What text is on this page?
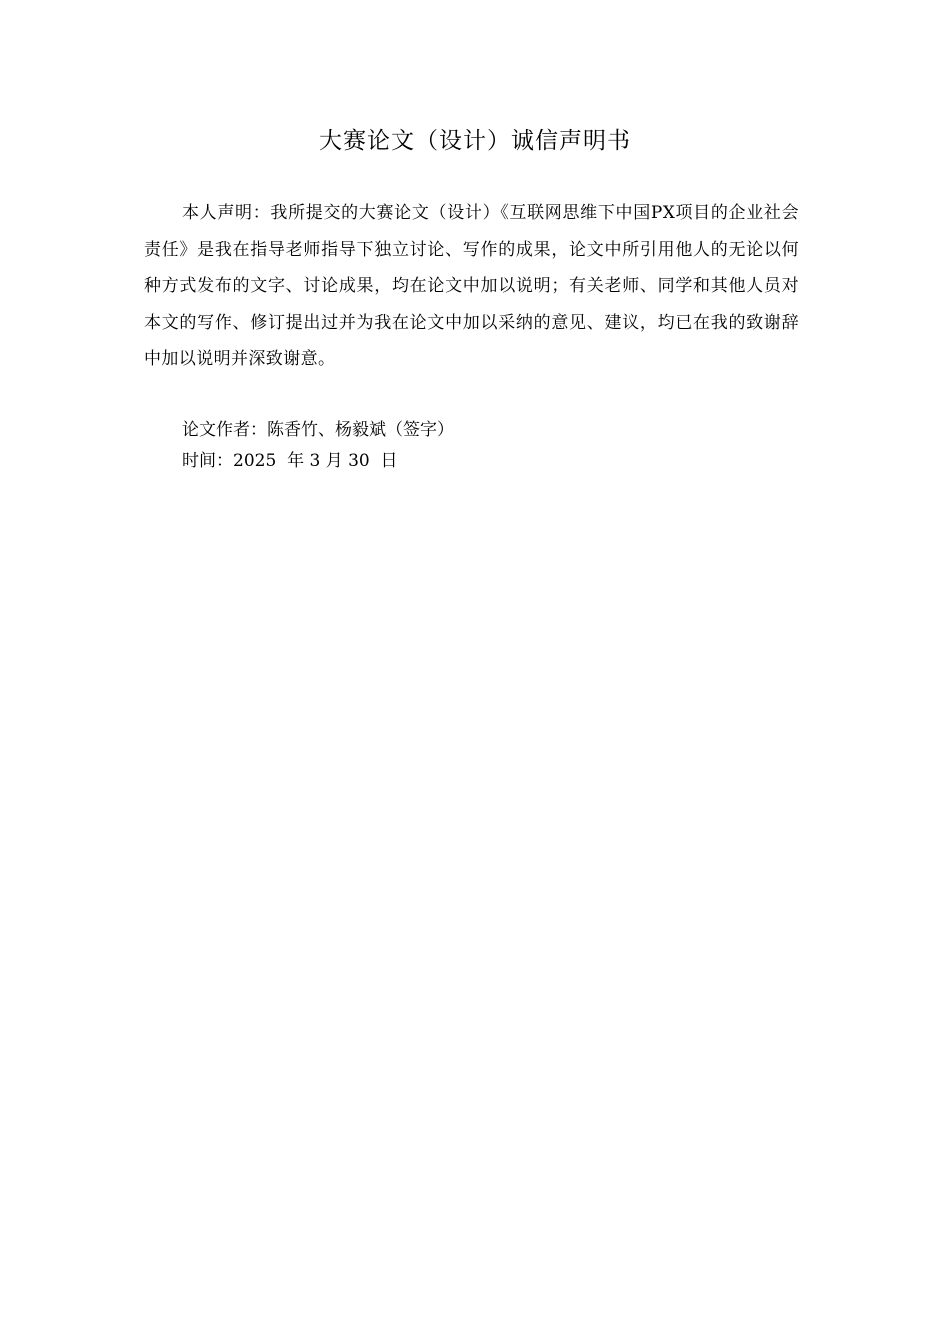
大赛论文（设计）诚信声明书

本人声明：我所提交的大赛论文（设计）《互联网思维下中国PX项目的企业社会责任》是我在指导老师指导下独立讨论、写作的成果，论文中所引用他人的无论以何种方式发布的文字、讨论成果，均在论文中加以说明；有关老师、同学和其他人员对本文的写作、修订提出过并为我在论文中加以采纳的意见、建议，均已在我的致谢辞中加以说明并深致谢意。

论文作者：陈香竹、杨毅斌（签字）
时间：2025  年 3 月 30  日
